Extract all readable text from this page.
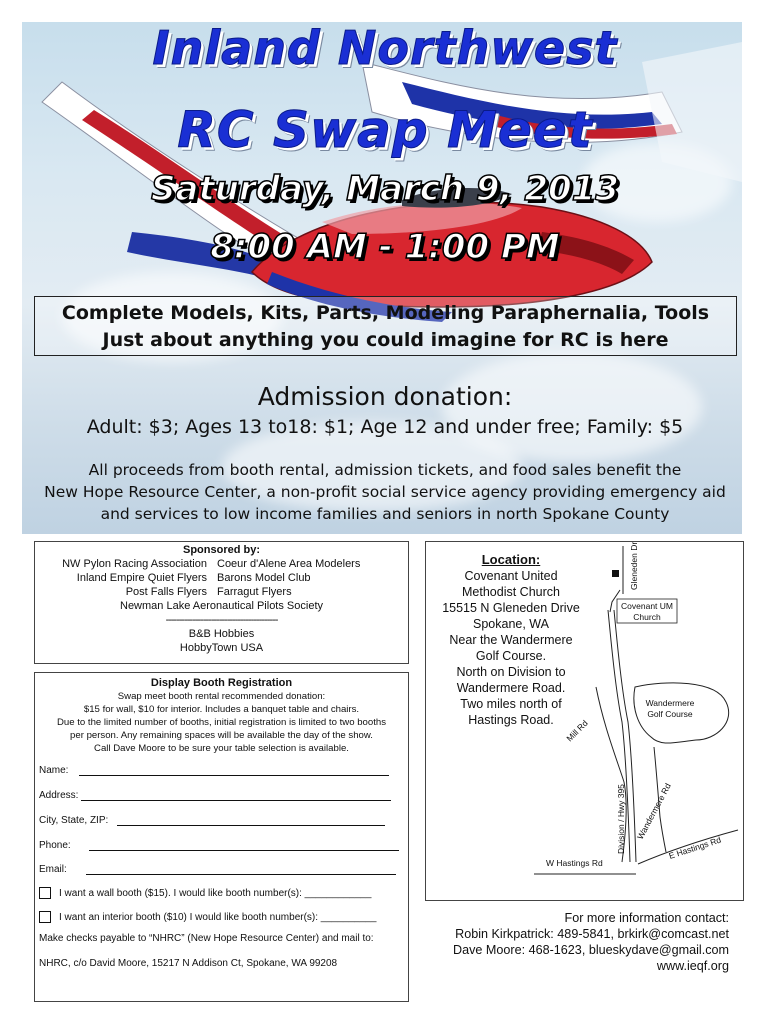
Inland Northwest

RC Swap Meet

Saturday, March 9, 2013

8:00 AM - 1:00 PM

Complete Models, Kits, Parts, Modeling Paraphernalia, Tools

Just about anything you could imagine for RC is here

Admission donation:

Adult: $3; Ages 13 to18: $1; Age 12 and under free; Family: $5

All proceeds from booth rental, admission tickets, and food sales benefit the
New Hope Resource Center, a non-profit social service agency providing emergency aid
and services to low income families and seniors in north Spokane County
Sponsored by:
NW Pylon Racing Association Coeur d'Alene Area Modelers
Inland Empire Quiet Flyers Barons Model Club
Post Falls Flyers Farragut Flyers
Newman Lake Aeronautical Pilots Society
------------------------------------------
B&B Hobbies
HobbyTown USA
Display Booth Registration
Swap meet booth rental recommended donation:
$15 for wall, $10 for interior. Includes a banquet table and chairs.
Due to the limited number of booths, initial registration is limited to two booths
per person. Any remaining spaces will be available the day of the show.
Call Dave Moore to be sure your table selection is available.
Name:
Address:
City, State, ZIP:
Phone:
Email:
I want a wall booth ($15). I would like booth number(s): ____________
I want an interior booth ($10) I would like booth number(s): __________
Make checks payable to “NHRC” (New Hope Resource Center) and mail to:
NHRC, c/o David Moore, 15217 N Addison Ct, Spokane, WA 99208
Location:
Covenant United
Methodist Church
15515 N Gleneden Drive
Spokane, WA
Near the Wandermere
Golf Course.
North on Division to
Wandermere Road.
Two miles north of
Hastings Road.
Gleneden Dr
Covenant UM
Church
Wandermere
Golf Course
Mill Rd
Division / Hwy 395 Wandermere Rd
E Hastings Rd
W Hastings Rd
For more information contact:
Robin Kirkpatrick: 489-5841, brkirk@comcast.net
Dave Moore: 468-1623, blueskydave@gmail.com
www.ieqf.org
